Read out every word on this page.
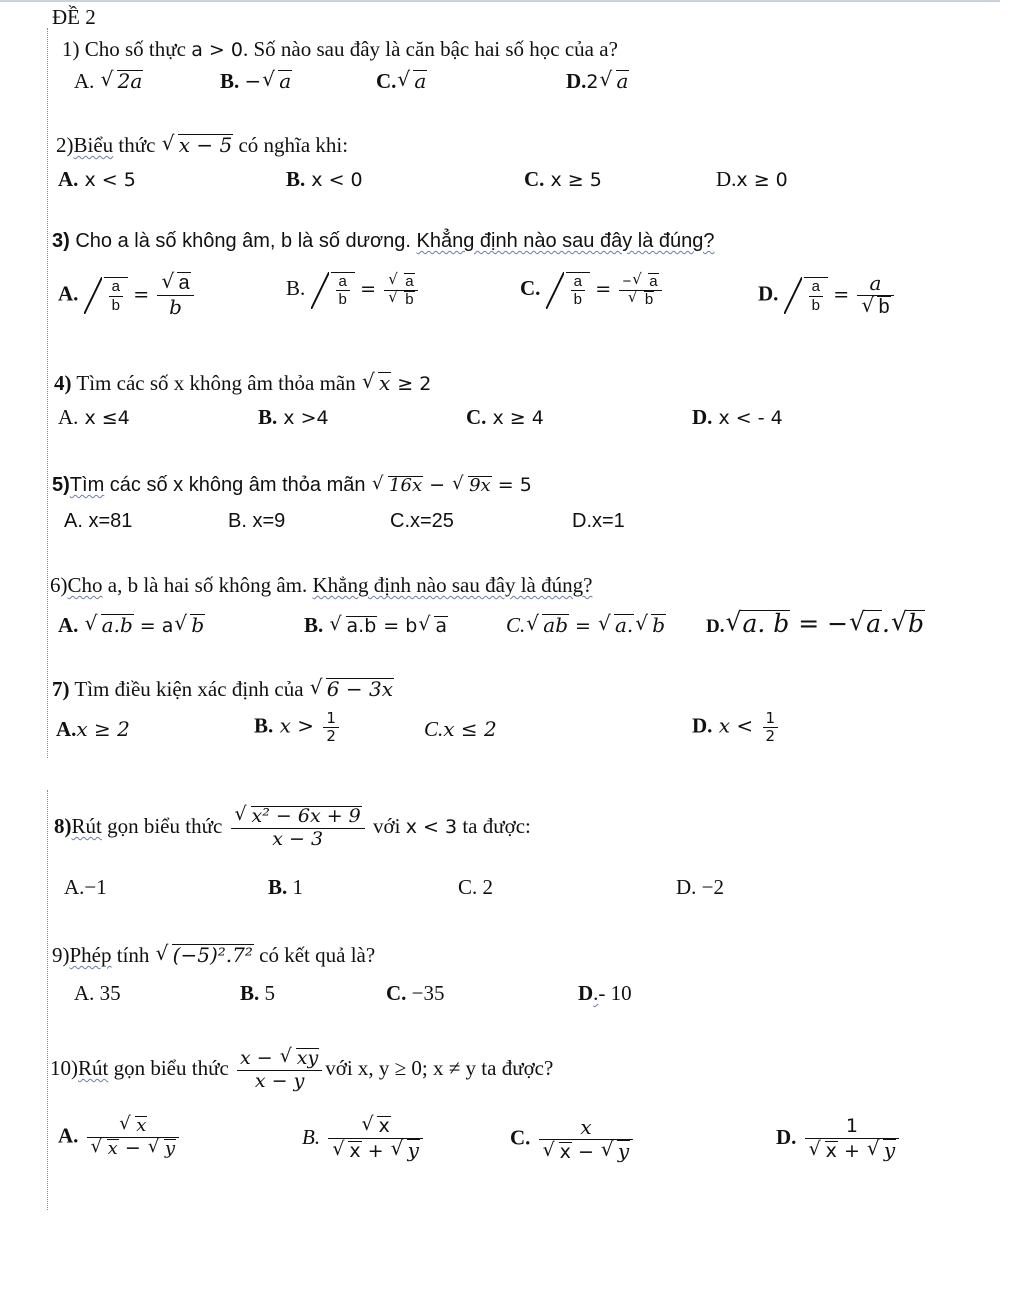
ĐỀ 2
1) Cho số thực a > 0. Số nào sau đây là căn bậc hai số học của a?
A. √ 2a	B. − √ a	C. √ a	D.2 √ a
2)Biểu thức √ x − 5 có nghĩa khi:
A. x < 5	B. x < 0	C. x ≥ 5	D.x ≥ 0
3) Cho a là số không âm, b là số dương. Khẳng định nào sau đây là đúng?
A. $\frac{a}{b}$ = √ $\frac{a}{b}$	B. $\frac{a}{b}$ = √ a
√ b	C. $\frac{a}{b}$ = − √ a
√ b	D. $\frac{a}{b} = a$
√ b
4) Tìm các số x không âm thỏa mãn √ x ≥ 2
A. x ≤4	B. x >4	C. x ≥ 4	D. x < - 4
5)Tìm các số x không âm thỏa mãn √ 16x − √ 9x = 5
A. x=81	B. x=9	C.x=25	D.x=1
6)Cho a, b là hai số không âm. Khẳng định nào sau đây là đúng?
A. √ a.b = a √ b	B. √ a.b = b √ a	C. √ ab = √ a. √ b D. √ a. b = − √ a. √ b
7) Tìm điều kiện xác định của √ 6 − 3x
A.x ≥ 2	B. $x > \frac{1}{2}$	C.x ≤ 2	D. $x < \frac{1}{2}$
8)Rút gọn biểu thức √ $\frac{\text{x² − 6x + 9}}{x - 3}$ với x < 3 ta được:
A.−1	B. 1	C. 2	D. −2
9)Phép tính √ (−5)².7² có kết quả là?
A. 35	B. 5	C. −35	D.- 10
10)Rút gọn biểu thức $\frac{x - √ xy}{x - y}$ với x, y ≥ 0; x ≠ y ta được?
A. √ x
√ x − √ y	B. √ x
√ x + √ y	C. x
√ x − √ y	D. 1
√ x + √ y
